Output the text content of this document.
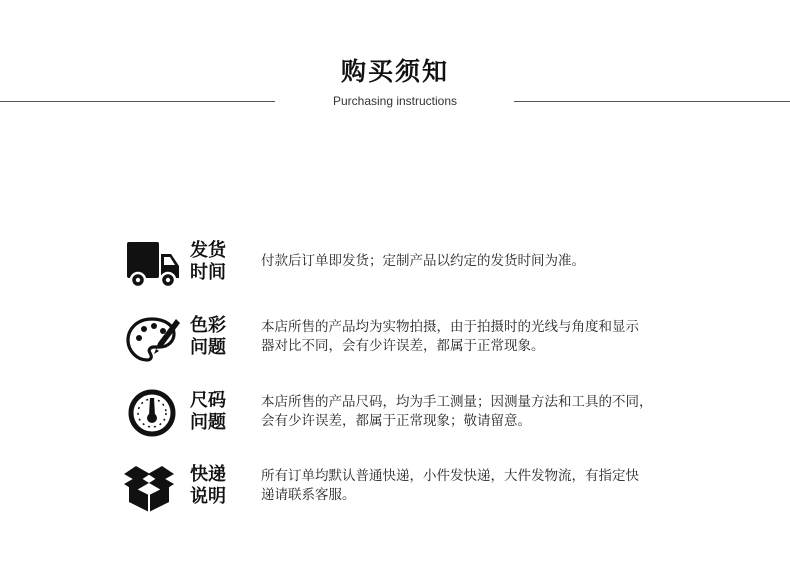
购买须知
Purchasing instructions
发货
时间
付款后订单即发货；定制产品以约定的发货时间为准。
色彩
问题
本店所售的产品均为实物拍摄，由于拍摄时的光线与角度和显示
器对比不同，会有少许误差，都属于正常现象。
尺码
问题
本店所售的产品尺码，均为手工测量；因测量方法和工具的不同，
会有少许误差，都属于正常现象；敬请留意。
快递
说明
所有订单均默认普通快递，小件发快递，大件发物流，有指定快
递请联系客服。
